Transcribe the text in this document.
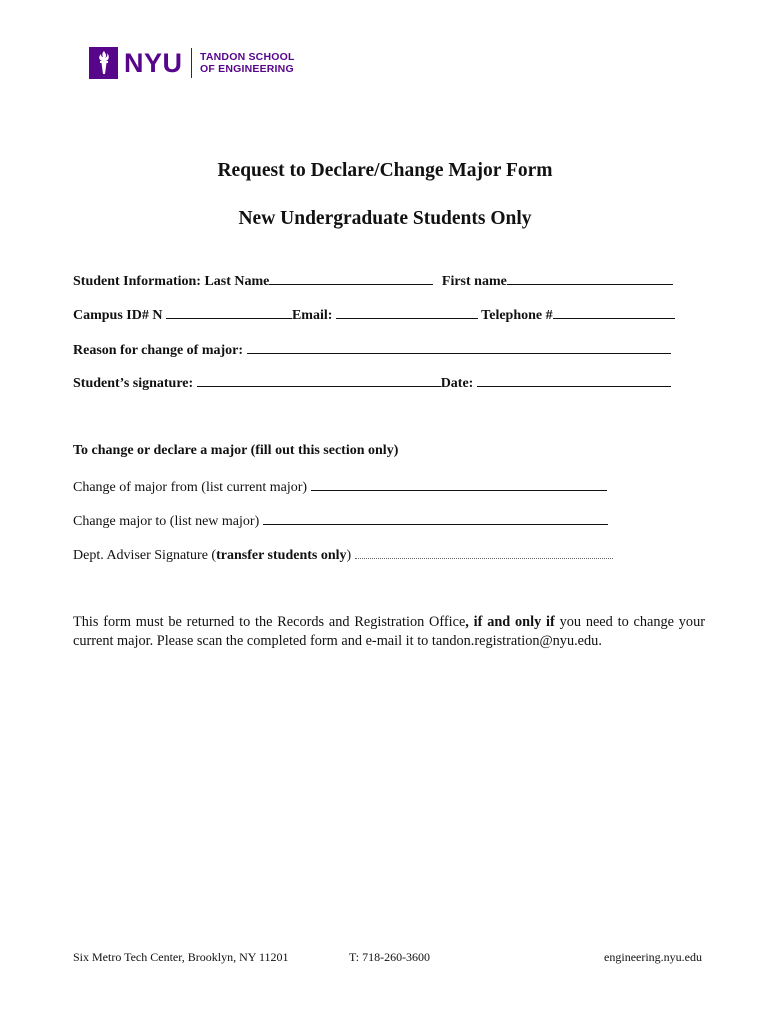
NYU TANDON SCHOOL
OF ENGINEERING
Request to Declare/Change Major Form
New Undergraduate Students Only
Student Information: Last Name	First name
Campus ID# N	Email:	Telephone #
Reason for change of major:
Student’s signature:	Date:
To change or declare a major (fill out this section only)
Change of major from (list current major)
Change major to (list new major)
Dept. Adviser Signature (transfer students only)
This form must be returned to the Records and Registration Office, if and only if you need to change your current major. Please scan the completed form and e-mail it to tandon.registration@nyu.edu.
Six Metro Tech Center, Brooklyn, NY 11201	T: 718-260-3600	engineering.nyu.edu
